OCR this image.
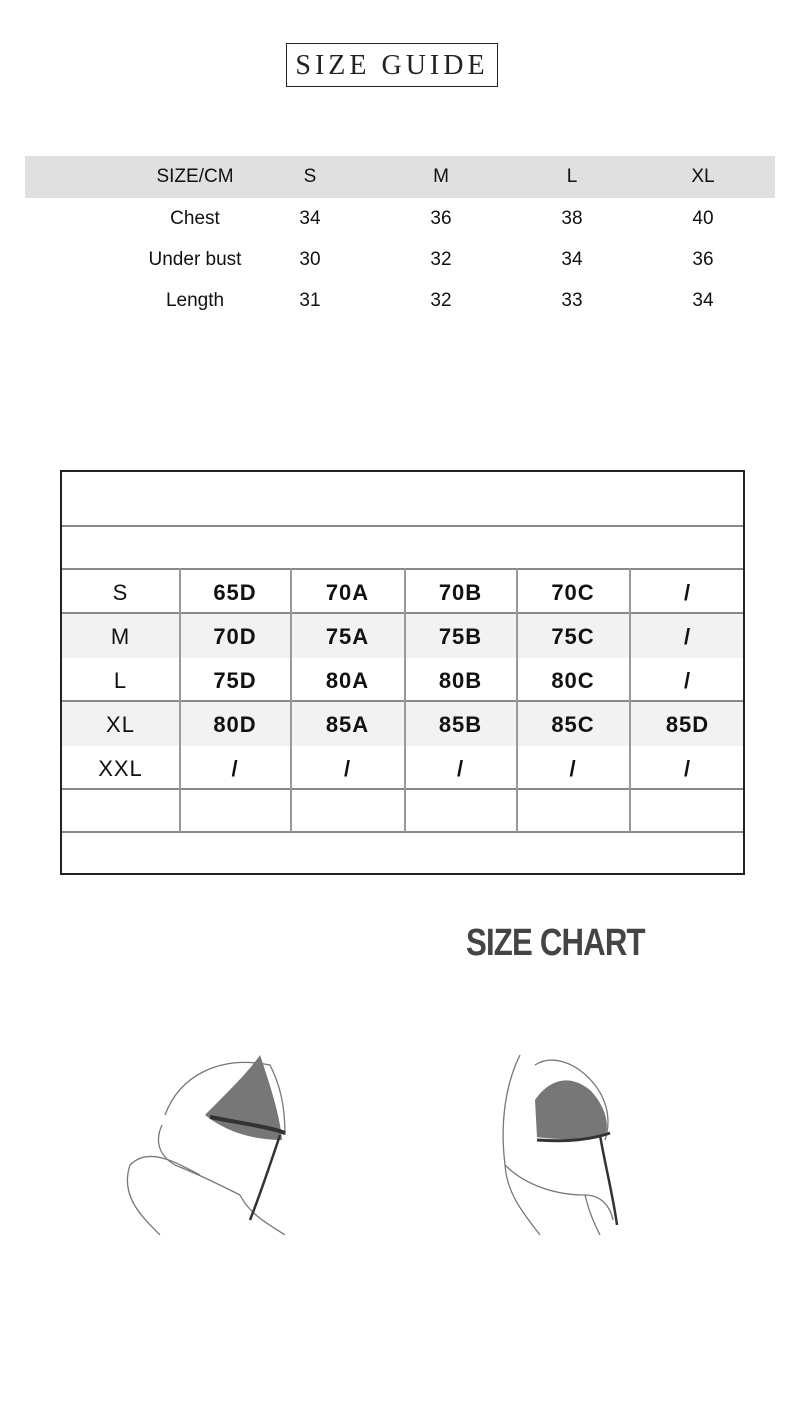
SIZE GUIDE
SIZE/CM	S	M	L	XL
Chest	34	36	38	40
Under bust	30	32	34	36
Length	31	32	33	34
S	65D	70A	70B	70C	/
M	70D	75A	75B	75C	/
L	75D	80A	80B	80C	/
XL	80D	85A	85B	85C	85D
XXL	/	/	/	/	/
SIZE CHART
